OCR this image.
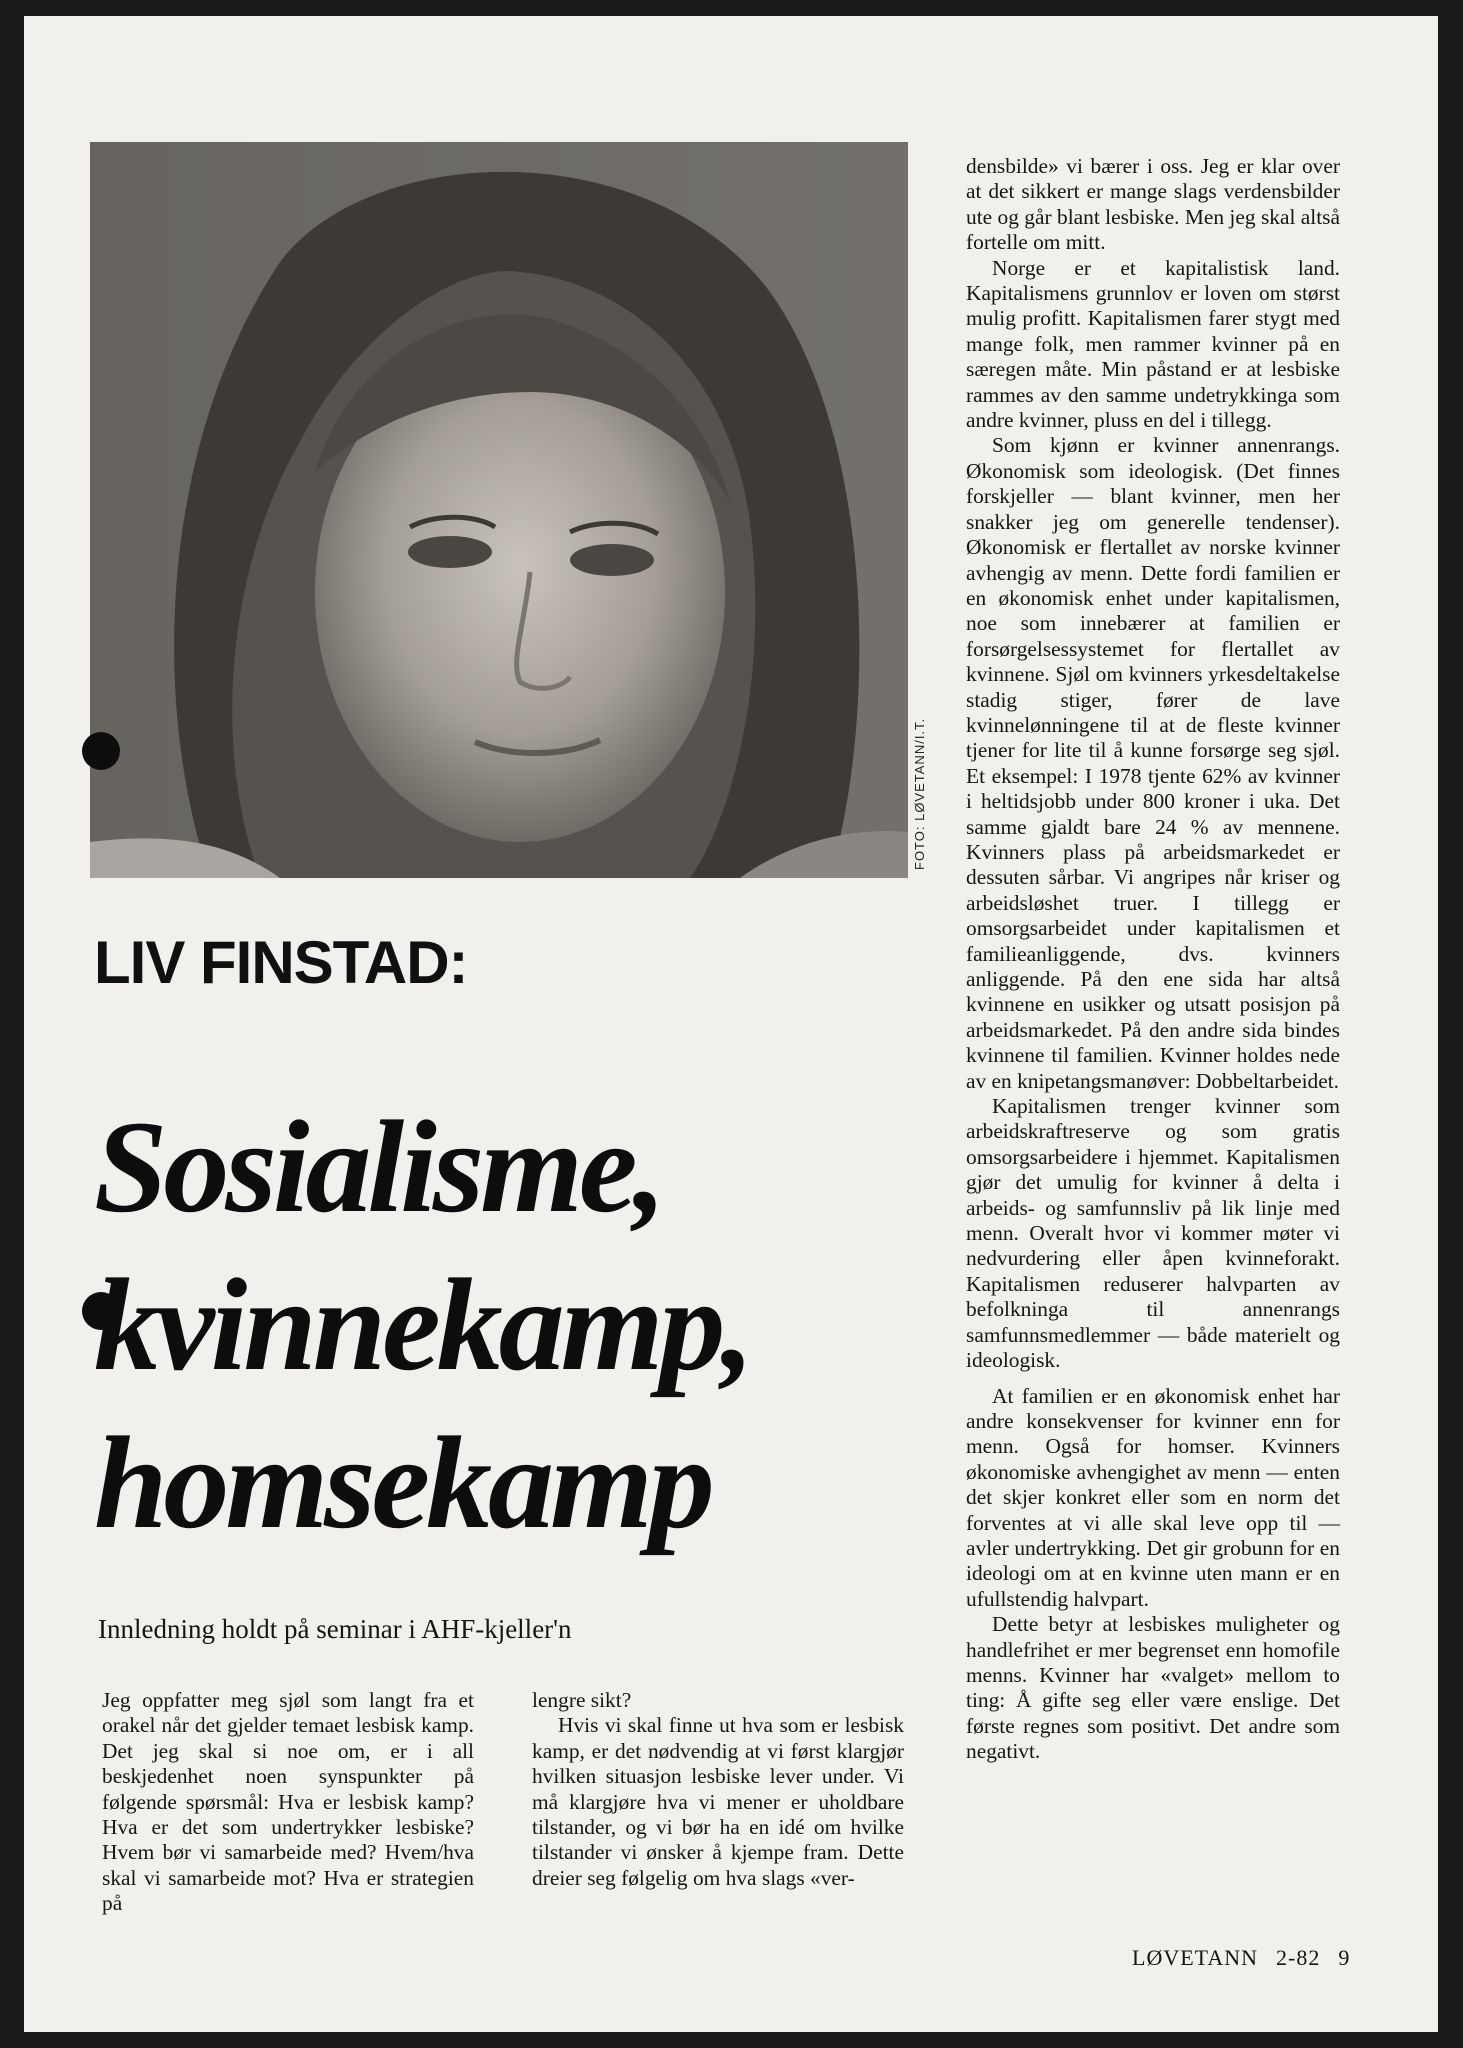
FOTO: LØVETANN/I.T.
LIV FINSTAD:
Sosialisme,
kvinnekamp,
homsekamp
Innledning holdt på seminar i AHF-kjeller'n

Jeg oppfatter meg sjøl som langt fra et orakel når det gjelder temaet lesbisk kamp. Det jeg skal si noe om, er i all beskjedenhet noen synspunkter på følgende spørsmål: Hva er lesbisk kamp? Hva er det som undertrykker lesbiske? Hvem bør vi samarbeide med? Hvem/hva skal vi samarbeide mot? Hva er strategien på

lengre sikt?

Hvis vi skal finne ut hva som er lesbisk kamp, er det nødvendig at vi først klargjør hvilken situasjon lesbiske lever under. Vi må klargjøre hva vi mener er uholdbare tilstander, og vi bør ha en idé om hvilke tilstander vi ønsker å kjempe fram. Dette dreier seg følgelig om hva slags «ver-

densbilde» vi bærer i oss. Jeg er klar over at det sikkert er mange slags verdensbilder ute og går blant lesbiske. Men jeg skal altså fortelle om mitt.

Norge er et kapitalistisk land. Kapitalismens grunnlov er loven om størst mulig profitt. Kapitalismen farer stygt med mange folk, men rammer kvinner på en særegen måte. Min påstand er at lesbiske rammes av den samme undetrykkinga som andre kvinner, pluss en del i tillegg.

Som kjønn er kvinner annenrangs. Økonomisk som ideologisk. (Det finnes forskjeller — blant kvinner, men her snakker jeg om generelle tendenser). Økonomisk er flertallet av norske kvinner avhengig av menn. Dette fordi familien er en økonomisk enhet under kapitalismen, noe som innebærer at familien er forsørgelsessystemet for flertallet av kvinnene. Sjøl om kvinners yrkesdeltakelse stadig stiger, fører de lave kvinnelønningene til at de fleste kvinner tjener for lite til å kunne forsørge seg sjøl. Et eksempel: I 1978 tjente 62% av kvinner i heltidsjobb under 800 kroner i uka. Det samme gjaldt bare 24 % av mennene. Kvinners plass på arbeidsmarkedet er dessuten sårbar. Vi angripes når kriser og arbeidsløshet truer. I tillegg er omsorgsarbeidet under kapitalismen et familieanliggende, dvs. kvinners anliggende. På den ene sida har altså kvinnene en usikker og utsatt posisjon på arbeidsmarkedet. På den andre sida bindes kvinnene til familien. Kvinner holdes nede av en knipetangsmanøver: Dobbeltarbeidet.

Kapitalismen trenger kvinner som arbeidskraftreserve og som gratis omsorgsarbeidere i hjemmet. Kapitalismen gjør det umulig for kvinner å delta i arbeids- og samfunnsliv på lik linje med menn. Overalt hvor vi kommer møter vi nedvurdering eller åpen kvinneforakt. Kapitalismen reduserer halvparten av befolkninga til annenrangs samfunnsmedlemmer — både materielt og ideologisk.

At familien er en økonomisk enhet har andre konsekvenser for kvinner enn for menn. Også for homser. Kvinners økonomiske avhengighet av menn — enten det skjer konkret eller som en norm det forventes at vi alle skal leve opp til — avler undertrykking. Det gir grobunn for en ideologi om at en kvinne uten mann er en ufullstendig halvpart.

Dette betyr at lesbiskes muligheter og handlefrihet er mer begrenset enn homofile menns. Kvinner har «valget» mellom to ting: Å gifte seg eller være enslige. Det første regnes som positivt. Det andre som negativt.

LØVETANN 2-82 9
